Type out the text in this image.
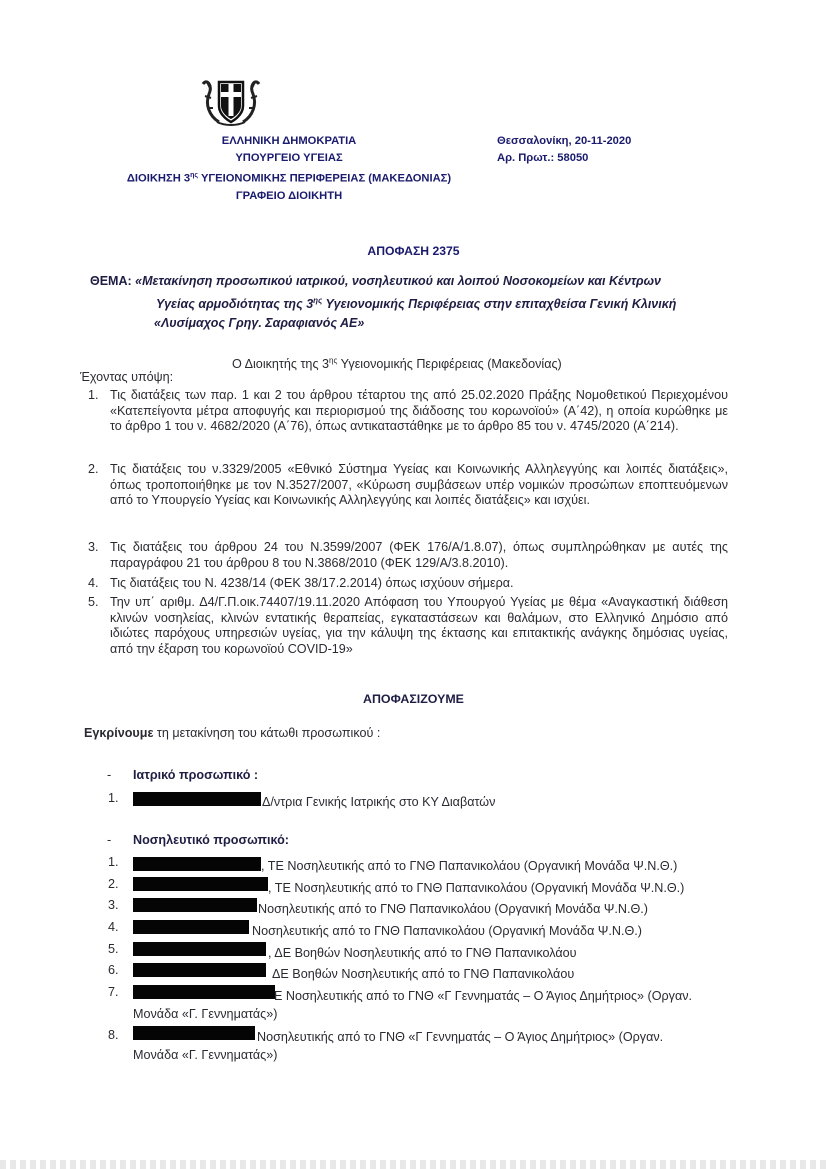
ΕΛΛΗΝΙΚΗ ΔΗΜΟΚΡΑΤΙΑ
ΥΠΟΥΡΓΕΙΟ ΥΓΕΙΑΣ
ΔΙΟΙΚΗΣΗ $3^{\eta\varsigma}$ ΥΓΕΙΟΝΟΜΙΚΗΣ ΠΕΡΙΦΕΡΕΙΑΣ (ΜΑΚΕΔΟΝΙΑΣ)
ΓΡΑΦΕΙΟ ΔΙΟΙΚΗΤΗ
Θεσσαλονίκη, 20-11-2020
Αρ. Πρωτ.: 58050
ΑΠΟΦΑΣΗ 2375
ΘΕΜΑ: «Μετακίνηση προσωπικού ιατρικού, νοσηλευτικού και λοιπού Νοσοκομείων και Κέντρων
Υγείας αρμοδιότητας της $3^{\eta\varsigma}$ Υγειονομικής Περιφέρειας στην επιταχθείσα Γενική Κλινική
«Λυσίμαχος Γρηγ. Σαραφιανός ΑΕ»
Ο Διοικητής της $3^{\eta\varsigma}$ Υγειονομικής Περιφέρειας (Μακεδονίας)
Έχοντας υπόψη:
1. Τις διατάξεις των παρ. 1 και 2 του άρθρου τέταρτου της από 25.02.2020 Πράξης Νομοθετικού Περιεχομένου «Κατεπείγοντα μέτρα αποφυγής και περιορισμού της διάδοσης του κορωνοϊού» (Α΄42), η οποία κυρώθηκε με το άρθρο 1 του ν. 4682/2020 (Α΄76), όπως αντικαταστάθηκε με το άρθρο 85 του ν. 4745/2020 (Α΄214).
2. Τις διατάξεις του ν.3329/2005 «Εθνικό Σύστημα Υγείας και Κοινωνικής Αλληλεγγύης και λοιπές διατάξεις», όπως τροποποιήθηκε με τον Ν.3527/2007, «Κύρωση συμβάσεων υπέρ νομικών προσώπων εποπτευόμενων από το Υπουργείο Υγείας και Κοινωνικής Αλληλεγγύης και λοιπές διατάξεις» και ισχύει.
3. Τις διατάξεις του άρθρου 24 του Ν.3599/2007 (ΦΕΚ 176/Α/1.8.07), όπως συμπληρώθηκαν με αυτές της παραγράφου 21 του άρθρου 8 του Ν.3868/2010 (ΦΕΚ 129/Α/3.8.2010).
4. Τις διατάξεις του Ν. 4238/14 (ΦΕΚ 38/17.2.2014) όπως ισχύουν σήμερα.
5. Την υπ΄ αριθμ. Δ4/Γ.Π.οικ.74407/19.11.2020 Απόφαση του Υπουργού Υγείας με θέμα «Αναγκαστική διάθεση κλινών νοσηλείας, κλινών εντατικής θεραπείας, εγκαταστάσεων και θαλάμων, στο Ελληνικό Δημόσιο από ιδιώτες παρόχους υπηρεσιών υγείας, για την κάλυψη της έκτασης και επιτακτικής ανάγκης δημόσιας υγείας, από την έξαρση του κορωνοϊού COVID-19»
ΑΠΟΦΑΣΙΖΟΥΜΕ
Εγκρίνουμε τη μετακίνηση του κάτωθι προσωπικού :
- Ιατρικό προσωπικό :
1.	Δ/ντρια Γενικής Ιατρικής στο ΚΥ Διαβατών
- Νοσηλευτικό προσωπικό:
1.	, ΤΕ Νοσηλευτικής από το ΓΝΘ Παπανικολάου (Οργανική Μονάδα Ψ.Ν.Θ.)
2.	, ΤΕ Νοσηλευτικής από το ΓΝΘ Παπανικολάου (Οργανική Μονάδα Ψ.Ν.Θ.)
3.	Νοσηλευτικής από το ΓΝΘ Παπανικολάου (Οργανική Μονάδα Ψ.Ν.Θ.)
4.	Νοσηλευτικής από το ΓΝΘ Παπανικολάου (Οργανική Μονάδα Ψ.Ν.Θ.)
5.	, ΔΕ Βοηθών Νοσηλευτικής από το ΓΝΘ Παπανικολάου
6.	ΔΕ Βοηθών Νοσηλευτικής από το ΓΝΘ Παπανικολάου
7.	Ε Νοσηλευτικής από το ΓΝΘ «Γ Γεννηματάς – Ο Άγιος Δημήτριος» (Οργαν.
Μονάδα «Γ. Γεννηματάς»)
8.	Νοσηλευτικής από το ΓΝΘ «Γ Γεννηματάς – Ο Άγιος Δημήτριος» (Οργαν.
Μονάδα «Γ. Γεννηματάς»)
